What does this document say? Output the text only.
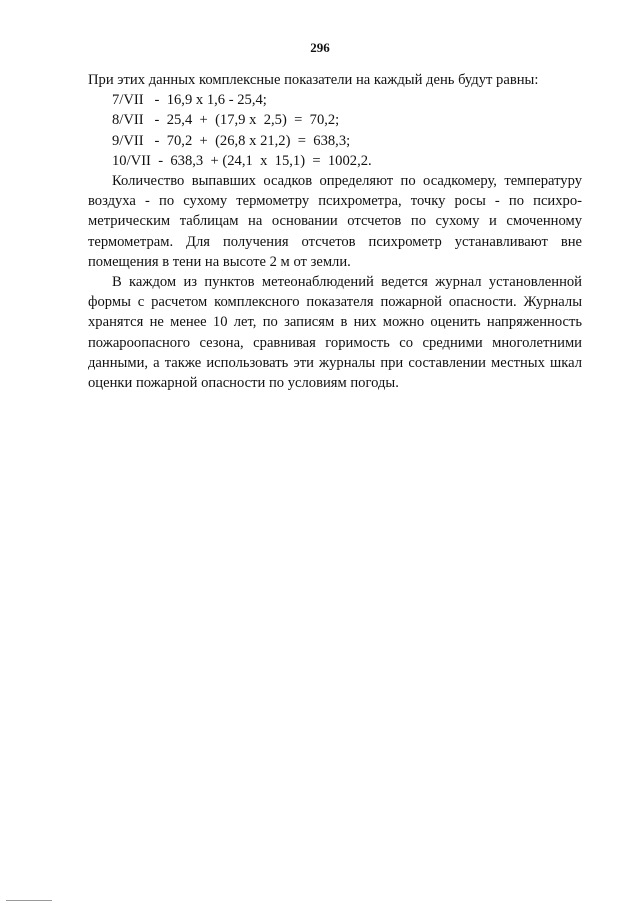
296

При этих данных комплексные показатели на каждый день будут равны:

7/VII   -  16,9 х 1,6 - 25,4;
8/VII   -  25,4  +  (17,9 х  2,5)  =  70,2;
9/VII   -  70,2  +  (26,8 х 21,2)  =  638,3;
10/VII  -  638,3  + (24,1  х  15,1)  =  1002,2.

Количество выпавших осадков определяют по осадкомеру, температуру воздуха - по сухому термометру психрометра, точку росы - по психро-метрическим таблицам на основании отсчетов по сухому и смоченному термометрам. Для получения отсчетов психрометр устанавливают вне помещения в тени на высоте 2 м от земли.

В каждом из пунктов метеонаблюдений ведется журнал установленной формы с расчетом комплексного показателя пожарной опасности. Журналы хранятся не менее 10 лет, по записям в них можно оценить напряженность пожароопасного сезона, сравнивая горимость со средними многолетними данными, а также использовать эти журналы при составлении местных шкал оценки пожарной опасности по условиям погоды.
